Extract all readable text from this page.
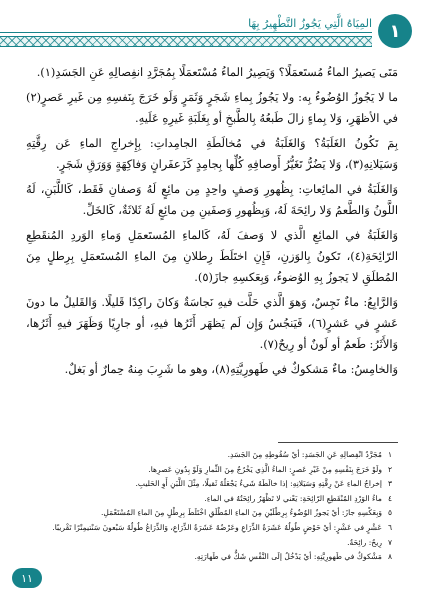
١
المِيَاهُ الَّتِي يَجُوزُ التَّطْهِيرُ بِهَا

مَتَى يَصيرُ الماءُ مُستَعمَلًا؟ وَيَصِيرُ الماءُ مُسْتَعمَلًا بِمُجَرَّدِ انفِصالِهِ عَنِ الجَسَدِ(١).

ما لا يَجُوزُ الوُضُوءُ بِه: ولا يَجُوزُ بِماءِ شَجَرٍ وَثَمَرٍ وَلَو خَرَجَ بِنَفسِهِ مِن غَيرِ عَصرٍ(٢) في الأظهَرِ، وَلا بِماءٍ زالَ طَبعُهُ بِالطَّبخِ أو بِغَلَبَةِ غَيرِهِ عَلَيهِ.

بِمَ تَكُونُ الغَلَبَةُ؟ وَالغَلَبَةُ في مُخالَطَةِ الجامِداتِ: بِإِخراجِ الماءِ عَن رِقَّتِهِ وَسَيَلانِهِ(٣)، وَلا يَضُرُّ تَغَيُّرُ أَوصافِهِ كُلِّها بِجامِدٍ كَزَعفَرانٍ وَفاكِهَةٍ وَوَرَقِ شَجَرٍ.

وَالغَلَبَةُ في المائِعاتِ: بِظُهورِ وَصفٍ واحِدٍ مِن مائِعٍ لَهُ وَصفانِ فَقَط، كَاللَّبَنِ، لَهُ اللَّونُ وَالطَّعمُ وَلا رائِحَةَ لَهُ، وَبِظُهورِ وَصفَينِ مِن مائِعٍ لَهُ ثَلاثَةٌ، كَالخَلِّ.

وَالغَلَبَةُ في المائِعِ الَّذي لا وَصفَ لَهُ، كَالماءِ المُستَعمَلِ وَماءِ الوَردِ المُنقَطِعِ الرّائِحَةِ(٤)، تَكونُ بِالوَزنِ، فَإِنِ اختَلَطَ رِطلانِ مِنَ الماءِ المُستَعمَلِ بِرِطلٍ مِنَ المُطلَقِ لا يَجوزُ بِهِ الوُضوءُ، وَبِعَكسِهِ جازَ(٥).

وَالرَّابِعُ: ماءٌ نَجِسٌ، وَهوَ الَّذي حَلَّت فيهِ نَجاسَةٌ وَكانَ راكِدًا قَليلًا. وَالقَليلُ ما دونَ عَشرٍ في عَشرٍ(٦)، فَيَنجُسُ وَإِن لَم يَظهَر أَثَرُها فيهِ، أو جارِيًا وَظَهَرَ فيهِ أَثَرُها، وَالأَثَرُ: طَعمٌ أو لَونٌ أو رِيحٌ(٧).

وَالخامِسُ: ماءٌ مَشكوكٌ في طَهورِيَّتِهِ(٨)، وهو ما شَرِبَ مِنهُ حِمارٌ أو بَغلٌ.

١
مُجَرَّدُ انْفِصالِهِ عَنِ الجَسَدِ: أيْ سُقُوطِهِ مِنَ الجَسَدِ.
٢
ولَوْ خَرَجَ بِنَفْسِهِ مِنْ غَيْرِ عَصرٍ: الماءُ الَّذِي يَخْرُجُ مِنَ الثِّمارِ وَلَوْ بِدُونِ عَصرِها.
٣
إخراجُ الماءِ عَنْ رِقَّتِهِ وَسَيَلانِهِ: إذا خالَطَهُ شَيءٌ يَجْعَلُهُ ثَقيلًا، مِثْلَ اللَّبَنِ أَوِ الحَليبِ.
٤
ماءُ الوَرْدِ المُنْقَطِعِ الرّائِحَةِ: يَعْني لا تَظْهَرُ رائِحَتُهُ في الماءِ.
٥
وَبِعَكْسِهِ جازَ: أيْ يَجوزُ الوُضُوءُ بِرِطْلَيْنِ مِنَ الماءِ المُطْلَقِ اخْتَلَطَ بِرِطْلٍ مِنَ الماءِ المُسْتَعْمَلِ.
٦
عَشْرٍ في عَشْرٍ: أيْ حَوْضٍ طُولُهُ عَشَرَةُ الذِّرَاعِ وعَرْضُهُ عَشَرَةُ الذِّرَاعِ، وَالذِّرَاعُ طُولُهُ سَبْعونَ سَنْتيمِتْرًا تَقْريبًا.
٧
رِيحٌ: رائِحَةٌ.
٨
مَشْكوكٌ في طَهورِيَّتِهِ: أيْ يَدْخُلُ إلَى النَّفْسِ شَكٌّ في طَهارَتِهِ.
١١
